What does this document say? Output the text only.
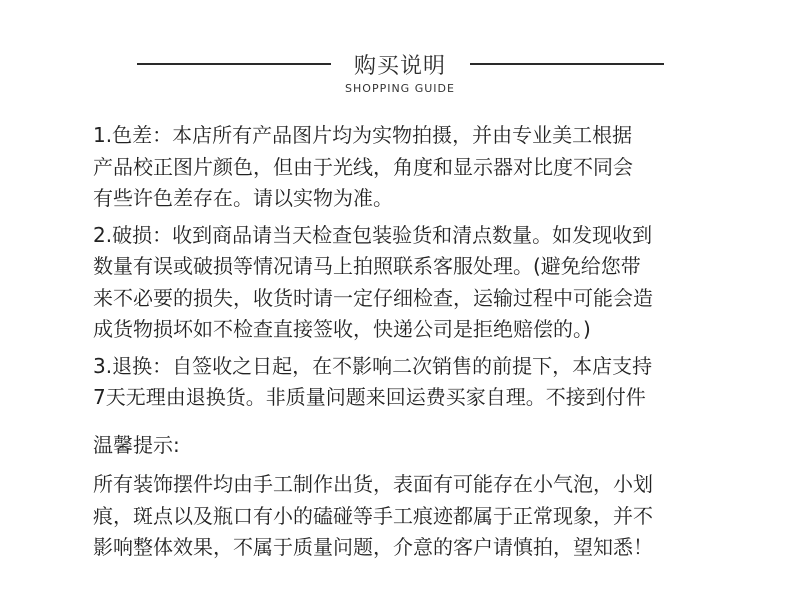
购买说明
SHOPPING GUIDE

1.色差：本店所有产品图片均为实物拍摄，并由专业美工根据

产品校正图片颜色，但由于光线，角度和显示器对比度不同会

有些许色差存在。请以实物为准。

2.破损：收到商品请当天检查包装验货和清点数量。如发现收到

数量有误或破损等情况请马上拍照联系客服处理。(避免给您带

来不必要的损失，收货时请一定仔细检查，运输过程中可能会造

成货物损坏如不检查直接签收，快递公司是拒绝赔偿的。)

3.退换：自签收之日起，在不影响二次销售的前提下，本店支持

7天无理由退换货。非质量问题来回运费买家自理。不接到付件

温馨提示:

所有装饰摆件均由手工制作出货，表面有可能存在小气泡，小划

痕，斑点以及瓶口有小的磕碰等手工痕迹都属于正常现象，并不

影响整体效果，不属于质量问题，介意的客户请慎拍，望知悉！
